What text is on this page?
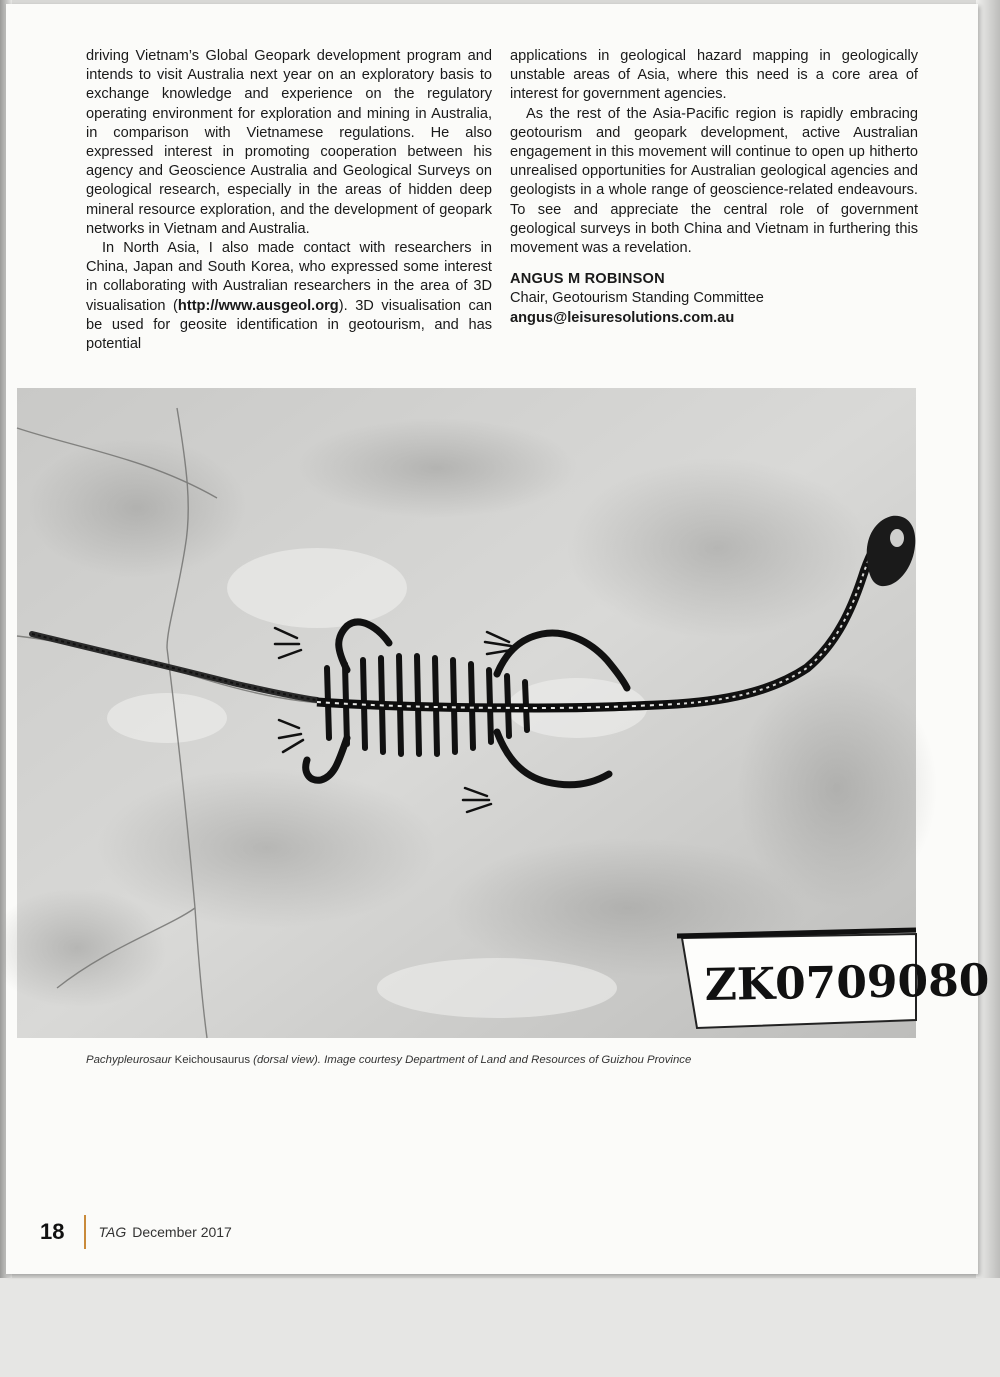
driving Vietnam’s Global Geopark development program and intends to visit Australia next year on an exploratory basis to exchange knowledge and experience on the regulatory operating environment for exploration and mining in Australia, in comparison with Vietnamese regulations. He also expressed interest in promoting cooperation between his agency and Geoscience Australia and Geological Surveys on geological research, especially in the areas of hidden deep mineral resource exploration, and the development of geopark networks in Vietnam and Australia.

In North Asia, I also made contact with researchers in China, Japan and South Korea, who expressed some interest in collaborating with Australian researchers in the area of 3D visualisation (http://www.ausgeol.org). 3D visualisation can be used for geosite identification in geotourism, and has potential

applications in geological hazard mapping in geologically unstable areas of Asia, where this need is a core area of interest for government agencies.

As the rest of the Asia-Pacific region is rapidly embracing geotourism and geopark development, active Australian engagement in this movement will continue to open up hitherto unrealised opportunities for Australian geological agencies and geologists in a whole range of geoscience-related endeavours. To see and appreciate the central role of government geological surveys in both China and Vietnam in furthering this movement was a revelation.

ANGUS M ROBINSON
Chair, Geotourism Standing Committee
angus@leisuresolutions.com.au
ZK0709080
Pachypleurosaur Keichousaurus (dorsal view). Image courtesy Department of Land and Resources of Guizhou Province
18 TAG December 2017
